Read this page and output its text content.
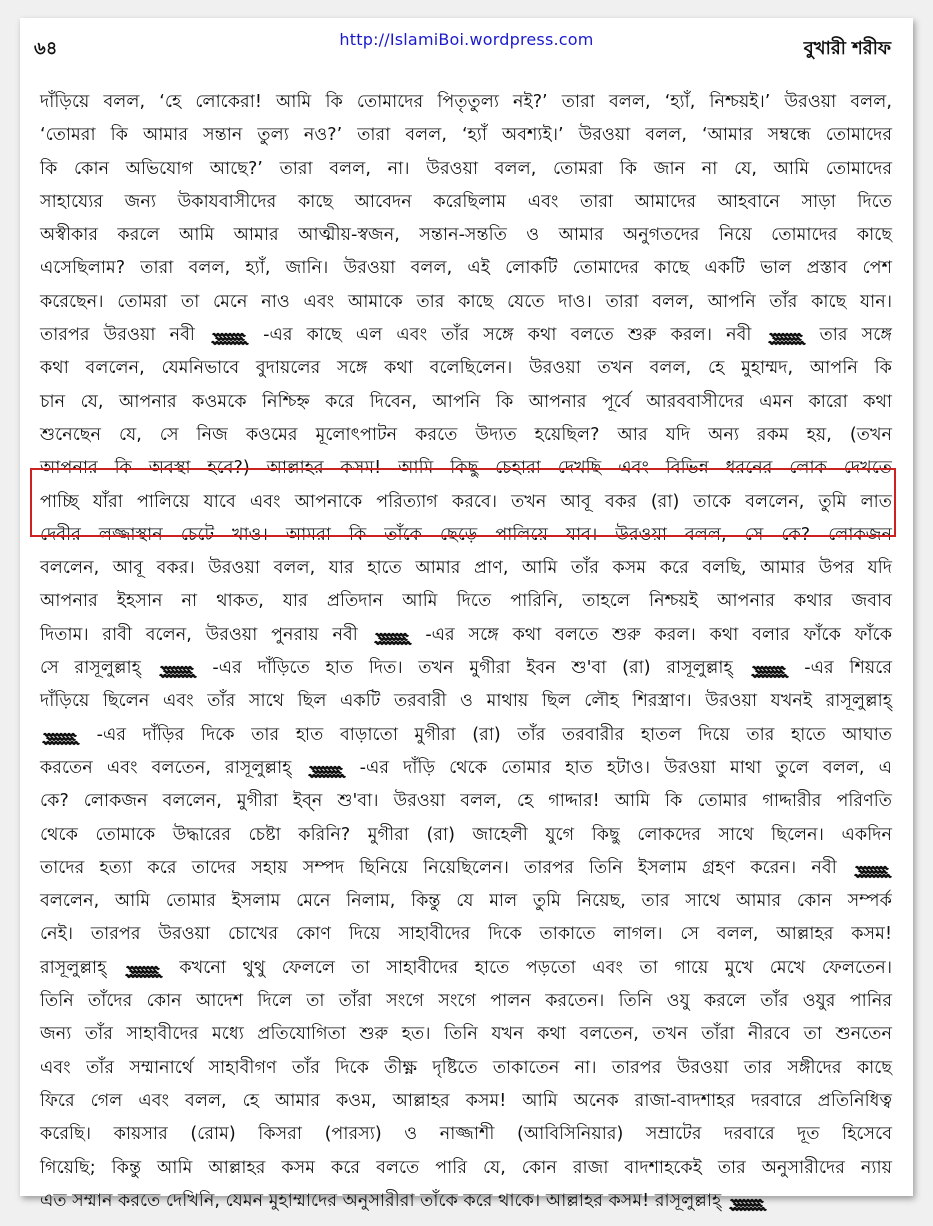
http://IslamiBoi.wordpress.com
৬৪	বুখারী শরীফ
দাঁড়িয়ে বলল, ‘হে লোকেরা! আমি কি তোমাদের পিতৃতুল্য নই?’ তারা বলল, ‘হ্যাঁ, নিশ্চয়ই।’ উরওয়া বলল,
‘তোমরা কি আমার সন্তান তুল্য নও?’ তারা বলল, ‘হ্যাঁ অবশ্যই।’ উরওয়া বলল, ‘আমার সম্বন্ধে তোমাদের
কি কোন অভিযোগ আছে?’ তারা বলল, না। উরওয়া বলল, তোমরা কি জান না যে, আমি তোমাদের
সাহায্যের জন্য উকাযবাসীদের কাছে আবেদন করেছিলাম এবং তারা আমাদের আহবানে সাড়া দিতে
অস্বীকার করলে আমি আমার আত্মীয়-স্বজন, সন্তান-সন্ততি ও আমার অনুগতদের নিয়ে তোমাদের কাছে
এসেছিলাম? তারা বলল, হ্যাঁ, জানি। উরওয়া বলল, এই লোকটি তোমাদের কাছে একটি ভাল প্রস্তাব পেশ
করেছেন। তোমরা তা মেনে নাও এবং আমাকে তার কাছে যেতে দাও। তারা বলল, আপনি তাঁর কাছে যান।
তারপর উরওয়া নবী	-এর কাছে এল এবং তাঁর সঙ্গে কথা বলতে শুরু করল। নবী	তার সঙ্গে
কথা বললেন, যেমনিভাবে বুদায়লের সঙ্গে কথা বলেছিলেন। উরওয়া তখন বলল, হে মুহাম্মদ, আপনি কি
চান যে, আপনার কওমকে নিশ্চিহ্ন করে দিবেন, আপনি কি আপনার পূর্বে আরববাসীদের এমন কারো কথা
শুনেছেন যে, সে নিজ কওমের মূলোৎপাটন করতে উদ্যত হয়েছিল? আর যদি অন্য রকম হয়, (তখন
আপনার কি অবস্থা হবে?) আল্লাহর কসম! আমি কিছু চেহারা দেখছি এবং বিভিন্ন ধরনের লোক দেখতে
পাচ্ছি যাঁরা পালিয়ে যাবে এবং আপনাকে পরিত্যাগ করবে। তখন আবূ বকর (রা) তাকে বললেন, তুমি লাত
দেবীর লজ্জাস্থান চেটে খাও। আমরা কি তাঁকে ছেড়ে পালিয়ে যাব। উরওয়া বলল, সে কে? লোকজন
বললেন, আবূ বকর। উরওয়া বলল, যার হাতে আমার প্রাণ, আমি তাঁর কসম করে বলছি, আমার উপর যদি
আপনার ইহসান না থাকত, যার প্রতিদান আমি দিতে পারিনি, তাহলে নিশ্চয়ই আপনার কথার জবাব
দিতাম। রাবী বলেন, উরওয়া পুনরায় নবী	-এর সঙ্গে কথা বলতে শুরু করল। কথা বলার ফাঁকে ফাঁকে
সে রাসূলুল্লাহ্	-এর দাঁড়িতে হাত দিত। তখন মুগীরা ইবন শু'বা (রা) রাসূলুল্লাহ্	-এর শিয়রে
দাঁড়িয়ে ছিলেন এবং তাঁর সাথে ছিল একটি তরবারী ও মাথায় ছিল লৌহ শিরস্ত্রাণ। উরওয়া যখনই রাসূলুল্লাহ্
-এর দাঁড়ির দিকে তার হাত বাড়াতো মুগীরা (রা) তাঁর তরবারীর হাতল দিয়ে তার হাতে আঘাত
করতেন এবং বলতেন, রাসূলুল্লাহ্	-এর দাঁড়ি থেকে তোমার হাত হটাও। উরওয়া মাথা তুলে বলল, এ
কে? লোকজন বললেন, মুগীরা ইব্‌ন শু'বা। উরওয়া বলল, হে গাদ্দার! আমি কি তোমার গাদ্দারীর পরিণতি
থেকে তোমাকে উদ্ধারের চেষ্টা করিনি? মুগীরা (রা) জাহেলী যুগে কিছু লোকদের সাথে ছিলেন। একদিন
তাদের হত্যা করে তাদের সহায় সম্পদ ছিনিয়ে নিয়েছিলেন। তারপর তিনি ইসলাম গ্রহণ করেন। নবী
বললেন, আমি তোমার ইসলাম মেনে নিলাম, কিন্তু যে মাল তুমি নিয়েছ, তার সাথে আমার কোন সম্পর্ক
নেই। তারপর উরওয়া চোখের কোণ দিয়ে সাহাবীদের দিকে তাকাতে লাগল। সে বলল, আল্লাহর কসম!
রাসূলুল্লাহ্	কখনো থুথু ফেললে তা সাহাবীদের হাতে পড়তো এবং তা গায়ে মুখে মেখে ফেলতেন।
তিনি তাঁদের কোন আদেশ দিলে তা তাঁরা সংগে সংগে পালন করতেন। তিনি ওযু করলে তাঁর ওযুর পানির
জন্য তাঁর সাহাবীদের মধ্যে প্রতিযোগিতা শুরু হত। তিনি যখন কথা বলতেন, তখন তাঁরা নীরবে তা শুনতেন
এবং তাঁর সম্মানার্থে সাহাবীগণ তাঁর দিকে তীক্ষ্ণ দৃষ্টিতে তাকাতেন না। তারপর উরওয়া তার সঙ্গীদের কাছে
ফিরে গেল এবং বলল, হে আমার কওম, আল্লাহর কসম! আমি অনেক রাজা-বাদশাহর দরবারে প্রতিনিধিত্ব
করেছি। কায়সার (রোম) কিসরা (পারস্য) ও নাজ্জাশী (আবিসিনিয়ার) সম্রাটের দরবারে দূত হিসেবে
গিয়েছি; কিন্তু আমি আল্লাহর কসম করে বলতে পারি যে, কোন রাজা বাদশাহকেই তার অনুসারীদের ন্যায়
এত সম্মান করতে দেখিনি, যেমন মুহাম্মাদের অনুসারীরা তাঁকে করে থাকে। আল্লাহর কসম! রাসূলুল্লাহ্
